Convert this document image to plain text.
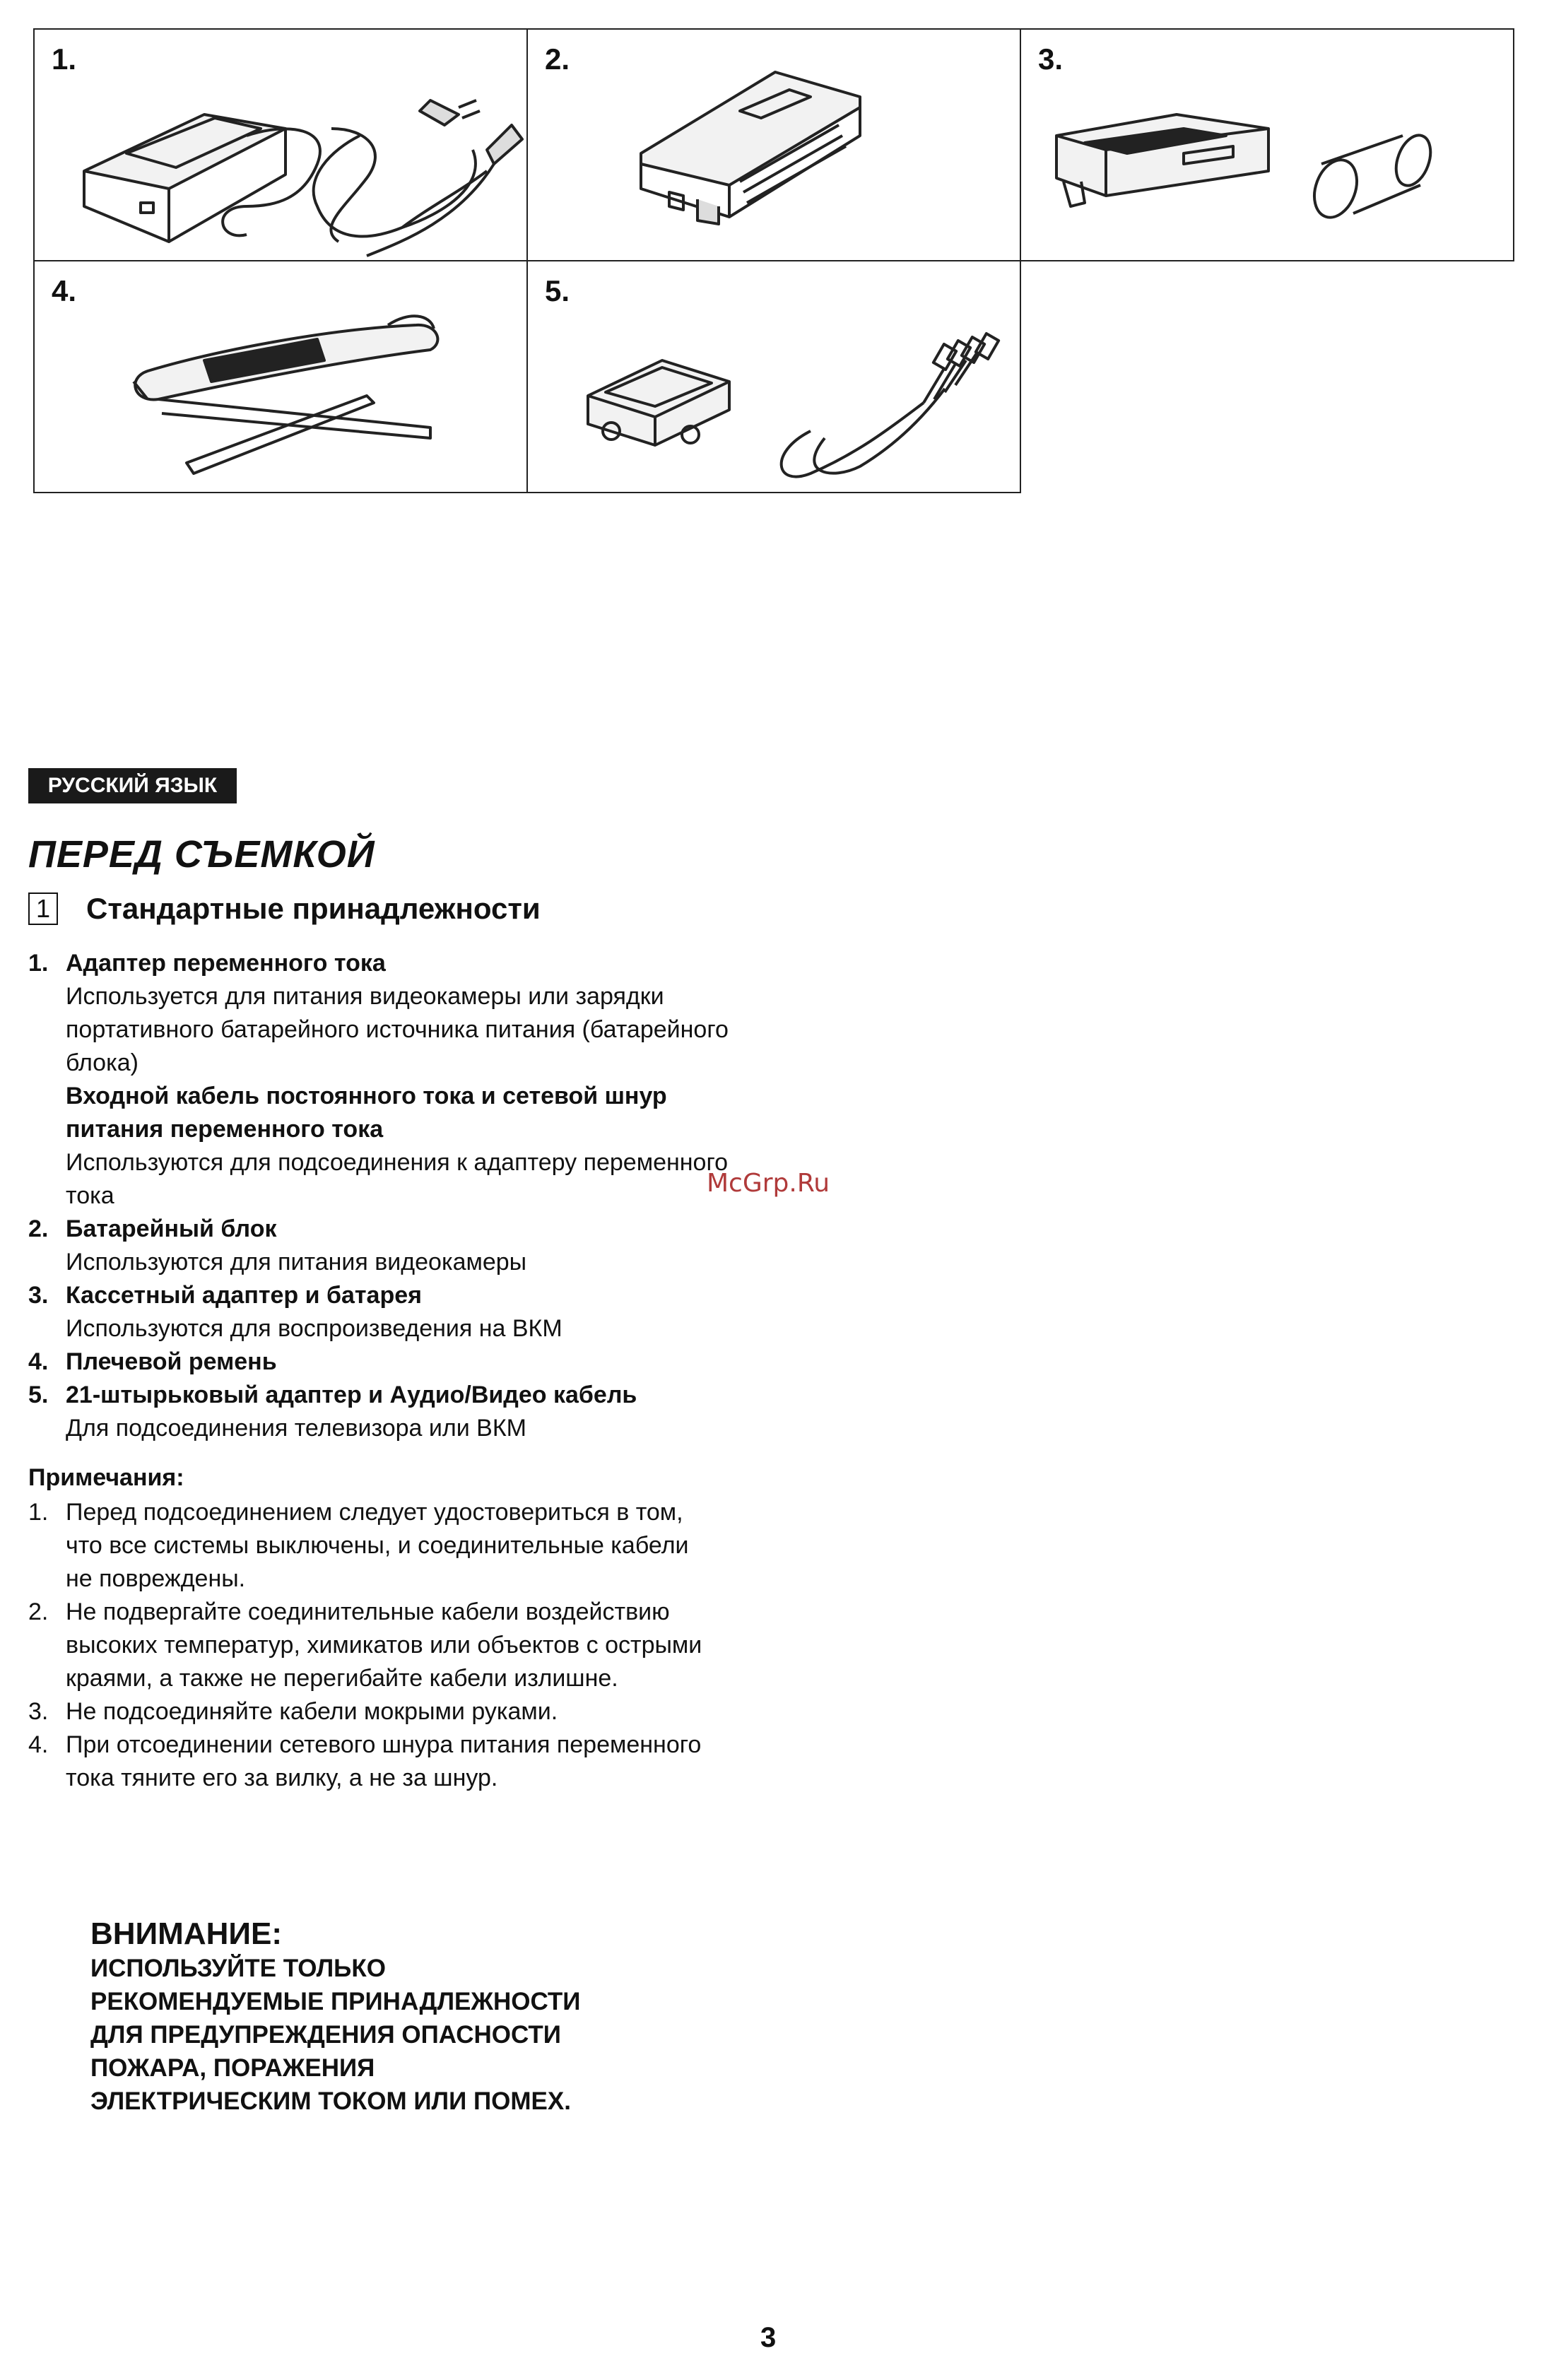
1.	2.	3.
4.	5.
РУССКИЙ ЯЗЫК
ПЕРЕД СЪЕМКОЙ
1 Стандартные принадлежности
1. Адаптер переменного тока
Используется для питания видеокамеры или зарядки портативного батарейного источника питания (батарейного блока)
Входной кабель постоянного тока и сетевой шнур питания переменного тока
Используются для подсоединения к адаптеру переменного тока
2. Батарейный блок
Используются для питания видеокамеры
3. Кассетный адаптер и батарея
Используются для воспроизведения на ВКМ
4. Плечевой ремень
5. 21-штырьковый адаптер и Аудио/Видео кабель
Для подсоединения телевизора или ВКМ
Примечания:
1. Перед подсоединением следует удостовериться в том, что все системы выключены, и соединительные кабели не повреждены.
2. Не подвергайте соединительные кабели воздействию высоких температур, химикатов или объектов с острыми краями, а также не перегибайте кабели излишне.
3. Не подсоединяйте кабели мокрыми руками.
4. При отсоединении сетевого шнура питания переменного тока тяните его за вилку, а не за шнур.
McGrp.Ru
ВНИМАНИЕ:
ИСПОЛЬЗУЙТЕ ТОЛЬКО
РЕКОМЕНДУЕМЫЕ ПРИНАДЛЕЖНОСТИ
ДЛЯ ПРЕДУПРЕЖДЕНИЯ ОПАСНОСТИ
ПОЖАРА, ПОРАЖЕНИЯ
ЭЛЕКТРИЧЕСКИМ ТОКОМ ИЛИ ПОМЕХ.
3
